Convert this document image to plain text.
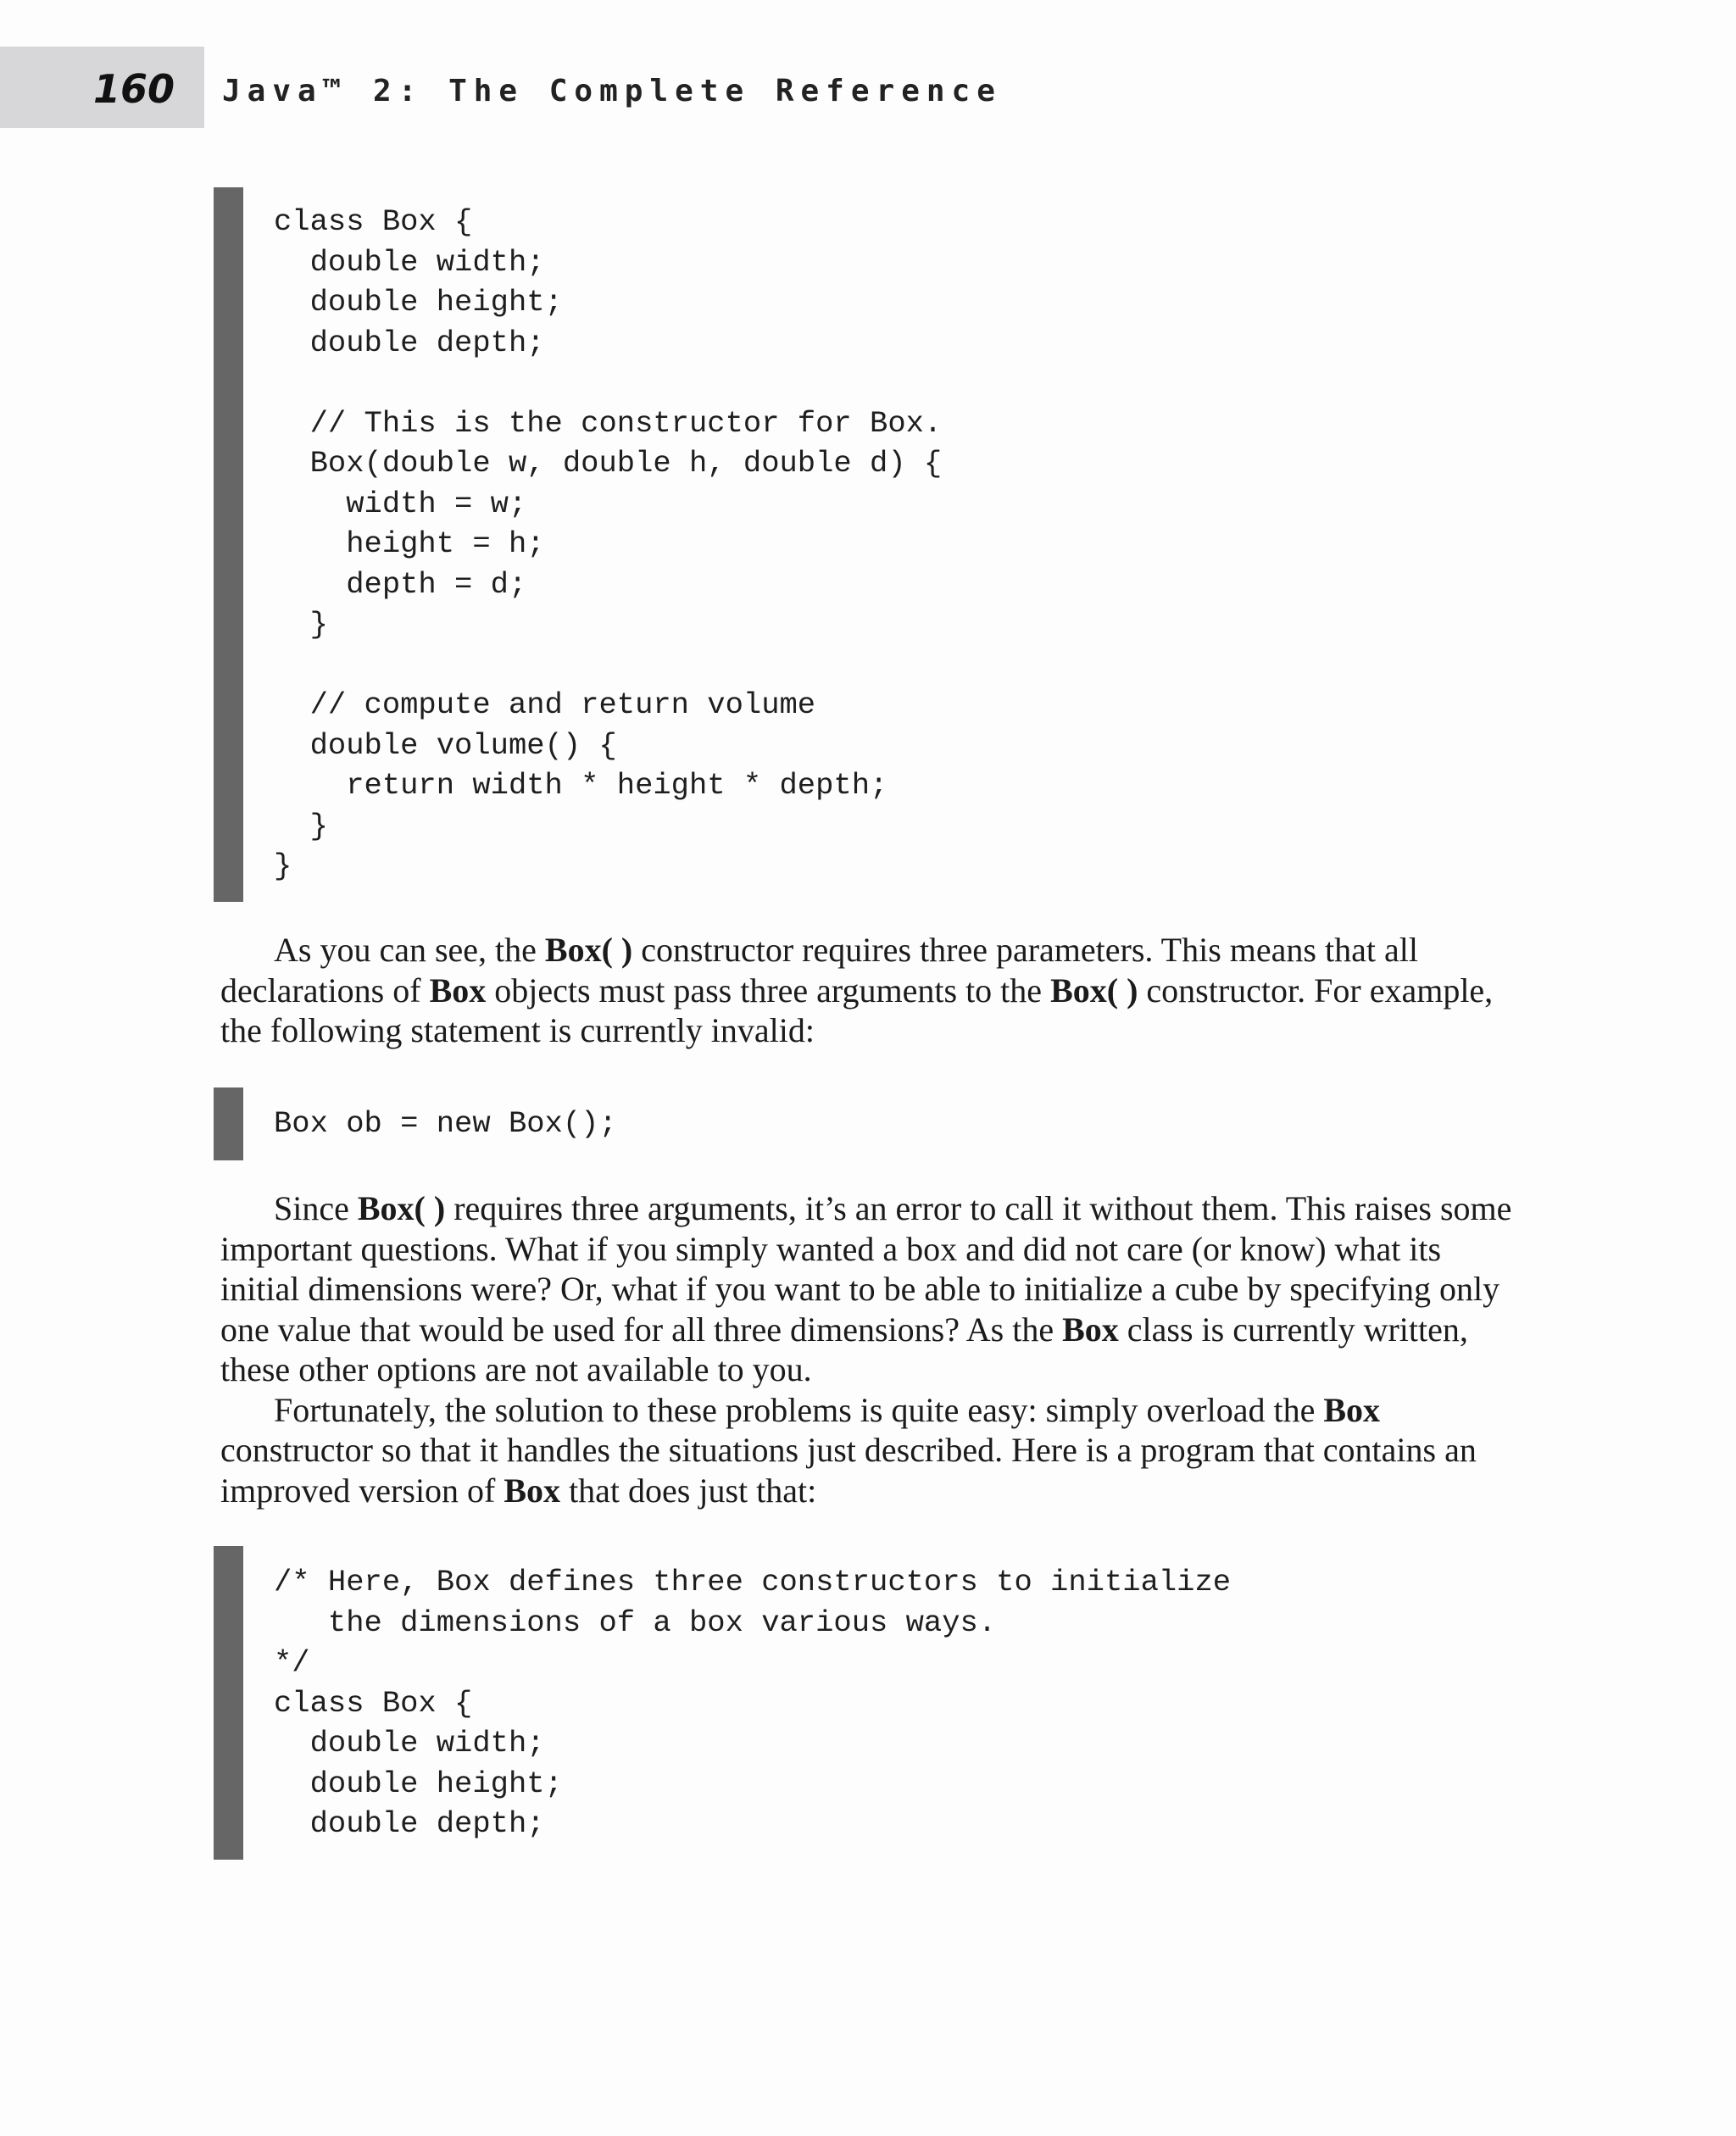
160 Java™ 2: The Complete Reference
class Box {
double width;
double height;
double depth;

// This is the constructor for Box.
Box(double w, double h, double d) {
width = w;
height = h;
depth = d;
}

// compute and return volume
double volume() {
return width * height * depth;
}
}

As you can see, the Box( ) constructor requires three parameters. This means that all declarations of Box objects must pass three arguments to the Box( ) constructor. For example, the following statement is currently invalid:

Box ob = new Box();

Since Box( ) requires three arguments, it’s an error to call it without them. This raises some important questions. What if you simply wanted a box and did not care (or know) what its initial dimensions were? Or, what if you want to be able to initialize a cube by specifying only one value that would be used for all three dimensions? As the Box class is currently written, these other options are not available to you.

Fortunately, the solution to these problems is quite easy: simply overload the Box constructor so that it handles the situations just described. Here is a program that contains an improved version of Box that does just that:

/* Here, Box defines three constructors to initialize
the dimensions of a box various ways.
*/
class Box {
double width;
double height;
double depth;
